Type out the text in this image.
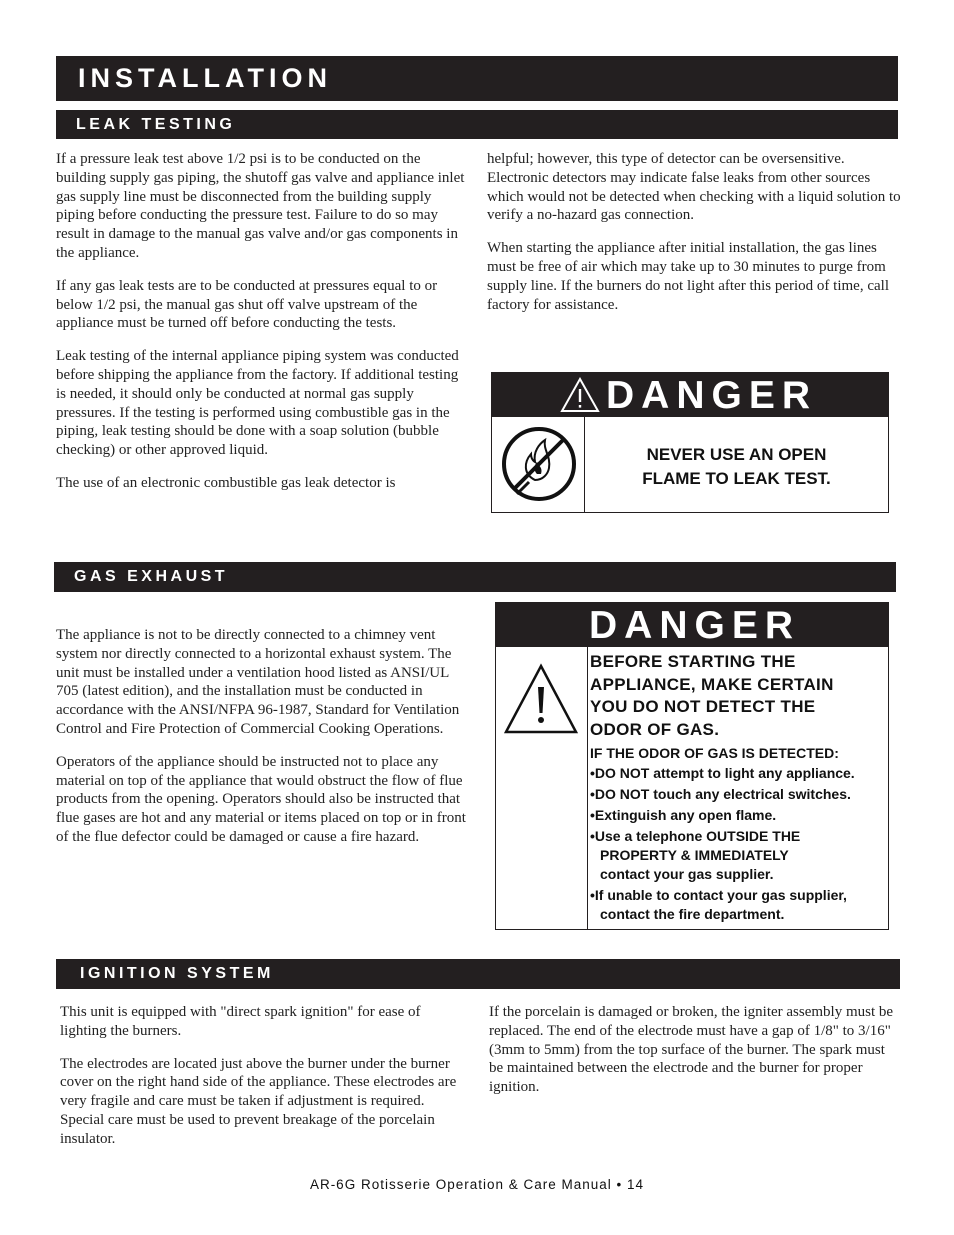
INSTALLATION
LEAK TESTING

If a pressure leak test above 1/2 psi is to be conducted on the building supply gas piping, the shutoff gas valve and appliance inlet gas supply line must be disconnected from the building supply piping before conducting the pressure test. Failure to do so may result in damage to the manual gas valve and/or gas components in the appliance.

If any gas leak tests are to be conducted at pressures equal to or below 1/2 psi, the manual gas shut off valve upstream of the appliance must be turned off before conducting the tests.

Leak testing of the internal appliance piping system was conducted before shipping the appliance from the factory. If additional testing is needed, it should only be conducted at normal gas supply pressures. If the testing is performed using combustible gas in the piping, leak testing should be done with a soap solution (bubble checking) or other approved liquid.

The use of an electronic combustible gas leak detector is

helpful; however, this type of detector can be oversensitive. Electronic detectors may indicate false leaks from other sources which would not be detected when checking with a liquid solution to verify a no-hazard gas connection.

When starting the appliance after initial installation, the gas lines must be free of air which may take up to 30 minutes to purge from supply line. If the burners do not light after this period of time, call factory for assistance.

DANGER
NEVER USE AN OPEN
FLAME TO LEAK TEST.
GAS EXHAUST

The appliance is not to be directly connected to a chimney vent system nor directly connected to a horizontal exhaust system. The unit must be installed under a ventilation hood listed as ANSI/UL 705 (latest edition), and the installation must be conducted in accordance with the ANSI/NFPA 96-1987, Standard for Ventilation Control and Fire Protection of Commercial Cooking Operations.

Operators of the appliance should be instructed not to place any material on top of the appliance that would obstruct the flow of flue products from the opening. Operators should also be instructed that flue gases are hot and any material or items placed on top or in front of the flue defector could be damaged or cause a fire hazard.

DANGER
BEFORE STARTING THE
APPLIANCE, MAKE CERTAIN
YOU DO NOT DETECT THE
ODOR OF GAS.
IF THE ODOR OF GAS IS DETECTED:
•DO NOT attempt to light any appliance.
•DO NOT touch any electrical switches.
•Extinguish any open flame.
•Use a telephone OUTSIDE THE PROPERTY & IMMEDIATELY contact your gas supplier.
•If unable to contact your gas supplier, contact the fire department.
IGNITION SYSTEM

This unit is equipped with "direct spark ignition" for ease of lighting the burners.

The electrodes are located just above the burner under the burner cover on the right hand side of the appliance. These electrodes are very fragile and care must be taken if adjustment is required. Special care must be used to prevent breakage of the porcelain insulator.

If the porcelain is damaged or broken, the igniter assembly must be replaced. The end of the electrode must have a gap of 1/8" to 3/16" (3mm to 5mm) from the top surface of the burner. The spark must be maintained between the electrode and the burner for proper ignition.

AR-6G Rotisserie Operation & Care Manual • 14
